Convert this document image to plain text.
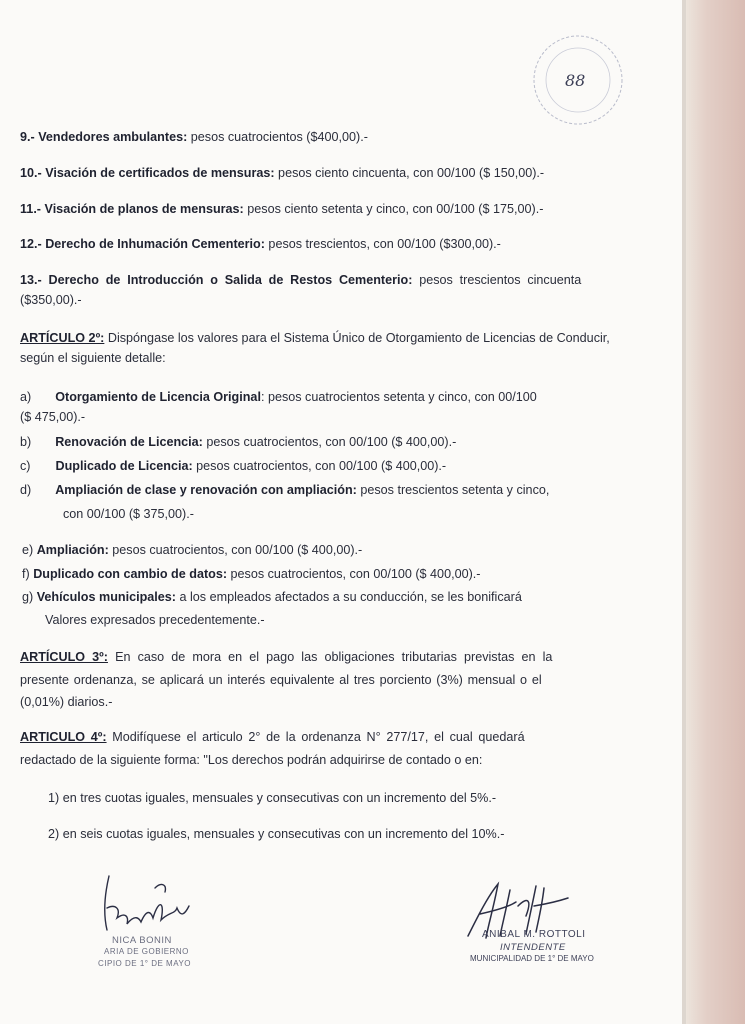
88
9.- Vendedores ambulantes: pesos cuatrocientos ($400,00).-
10.- Visación de certificados de mensuras: pesos ciento cincuenta, con 00/100 ($ 150,00).-
11.- Visación de planos de mensuras: pesos ciento setenta y cinco, con 00/100 ($ 175,00).-
12.- Derecho de Inhumación Cementerio: pesos trescientos, con 00/100 ($300,00).-
13.- Derecho de Introducción o Salida de Restos Cementerio: pesos trescientos cincuenta
($350,00).-
ARTÍCULO 2º: Dispóngase los valores para el Sistema Único de Otorgamiento de Licencias de Conducir,
según el siguiente detalle:
a) Otorgamiento de Licencia Original: pesos cuatrocientos setenta y cinco, con 00/100
($ 475,00).-
b) Renovación de Licencia: pesos cuatrocientos, con 00/100 ($ 400,00).-
c) Duplicado de Licencia: pesos cuatrocientos, con 00/100 ($ 400,00).-
d) Ampliación de clase y renovación con ampliación: pesos trescientos setenta y cinco,
con 00/100 ($ 375,00).-
e) Ampliación: pesos cuatrocientos, con 00/100 ($ 400,00).-
f) Duplicado con cambio de datos: pesos cuatrocientos, con 00/100 ($ 400,00).-
g) Vehículos municipales: a los empleados afectados a su conducción, se les bonificará
Valores expresados precedentemente.-
ARTÍCULO 3º: En caso de mora en el pago las obligaciones tributarias previstas en la
presente ordenanza, se aplicará un interés equivalente al tres porciento (3%) mensual o el
(0,01%) diarios.-
ARTICULO 4º: Modifíquese el articulo 2° de la ordenanza N° 277/17, el cual quedará
redactado de la siguiente forma: "Los derechos podrán adquirirse de contado o en:
1) en tres cuotas iguales, mensuales y consecutivas con un incremento del 5%.-
2) en seis cuotas iguales, mensuales y consecutivas con un incremento del 10%.-
NICA BONIN
ARIA DE GOBIERNO
CIPIO DE 1° DE MAYO
ANIBAL M. ROTTOLI
INTENDENTE
MUNICIPALIDAD DE 1° DE MAYO
